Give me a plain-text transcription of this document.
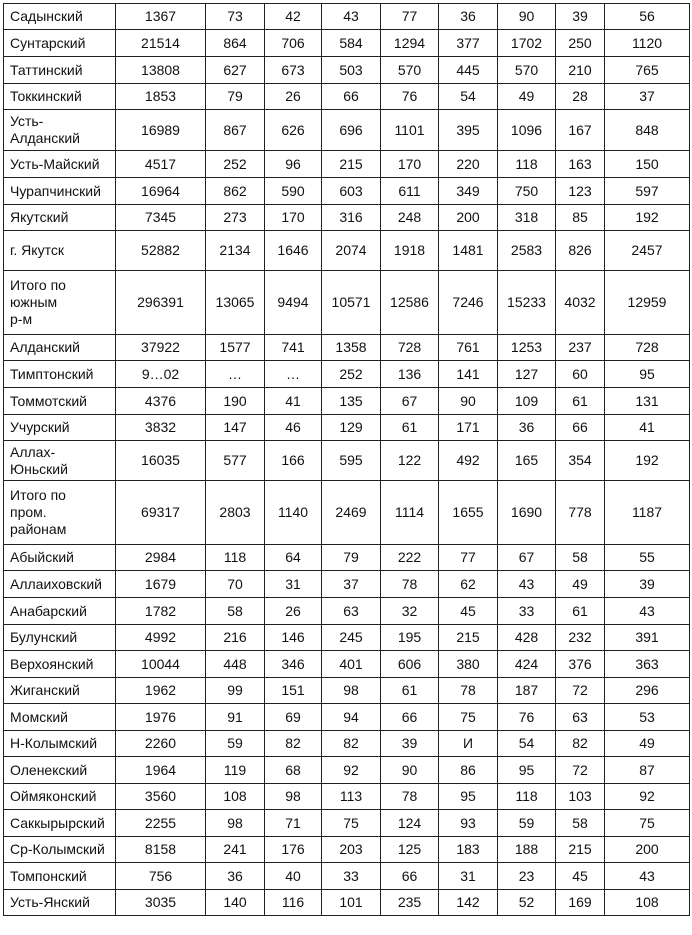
Садынский	1367	73	42	43	77	36	90	39	56
Сунтарский	21514	864	706	584	1294	377	1702	250	1120
Таттинский	13808	627	673	503	570	445	570	210	765
Токкинский	1853	79	26	66	76	54	49	28	37
Усть-
Алданский	16989	867	626	696	1101	395	1096	167	848
Усть-Майский	4517	252	96	215	170	220	118	163	150
Чурапчинский	16964	862	590	603	611	349	750	123	597
Якутский	7345	273	170	316	248	200	318	85	192
г. Якутск	52882	2134	1646	2074	1918	1481	2583	826	2457
Итого по
южным
р-м	296391	13065	9494	10571	12586	7246	15233	4032	12959
Алданский	37922	1577	741	1358	728	761	1253	237	728
Тимптонский	9…02	…	…	252	136	141	127	60	95
Томмотский	4376	190	41	135	67	90	109	61	131
Учурский	3832	147	46	129	61	171	36	66	41
Аллах-
Юньский	16035	577	166	595	122	492	165	354	192
Итого по
пром.
районам	69317	2803	1140	2469	1114	1655	1690	778	1187
Абыйский	2984	118	64	79	222	77	67	58	55
Аллаиховский	1679	70	31	37	78	62	43	49	39
Анабарский	1782	58	26	63	32	45	33	61	43
Булунский	4992	216	146	245	195	215	428	232	391
Верхоянский	10044	448	346	401	606	380	424	376	363
Жиганский	1962	99	151	98	61	78	187	72	296
Момский	1976	91	69	94	66	75	76	63	53
Н-Колымский	2260	59	82	82	39	И	54	82	49
Оленекский	1964	119	68	92	90	86	95	72	87
Оймяконский	3560	108	98	113	78	95	118	103	92
Саккырырский	2255	98	71	75	124	93	59	58	75
Ср-Колымский	8158	241	176	203	125	183	188	215	200
Томпонский	756	36	40	33	66	31	23	45	43
Усть-Янский	3035	140	116	101	235	142	52	169	108
